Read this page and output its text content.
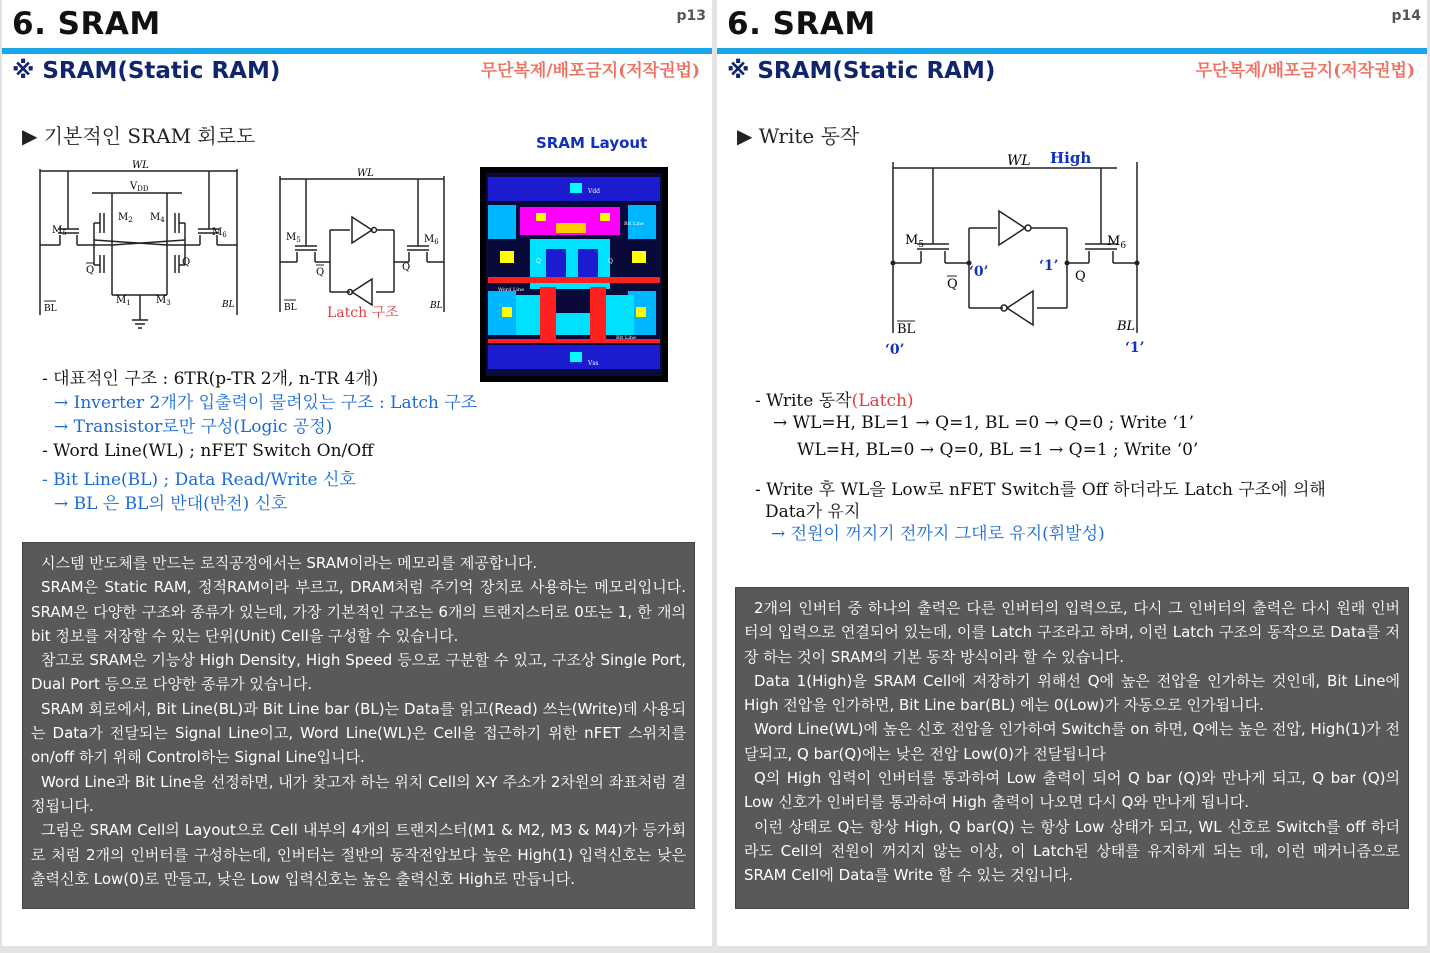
6. SRAM	p13
※ SRAM(Static RAM)	무단복제/배포금지(저작권법)
▶ 기본적인 SRAM 회로도
WL
$V_{DD}$
$M_2$ $M_4$
$M_1$	$M_3$
$M_5$	$M_6$
Q
Q
BL	BL
WL
$M_5$	$M_6$
Q	Q
BL	BL
Latch 구조
SRAM Layout
Vdd
Vss
Bit Line
Bit Line
Word Line
Q	Q
- 대표적인 구조 : 6TR(p-TR 2개, n-TR 4개)
→ Inverter 2개가 입출력이 물려있는 구조 : Latch 구조
→ Transistor로만 구성(Logic 공정)
- Word Line(WL) ; nFET Switch On/Off
- Bit Line(BL) ; Data Read/Write 신호
→ BL 은 BL의 반대(반전) 신호

시스템 반도체를 만드는 로직공정에서는 SRAM이라는 메모리를 제공합니다.

SRAM은 Static RAM, 정적RAM이라 부르고, DRAM처럼 주기억 장치로 사용하는 메모리입니다. SRAM은 다양한 구조와 종류가 있는데, 가장 기본적인 구조는 6개의 트랜지스터로 0또는 1, 한 개의 bit 정보를 저장할 수 있는 단위(Unit) Cell을 구성할 수 있습니다.

참고로 SRAM은 기능상 High Density, High Speed 등으로 구분할 수 있고, 구조상 Single Port, Dual Port 등으로 다양한 종류가 있습니다.

SRAM 회로에서, Bit Line(BL)과 Bit Line bar (BL)는 Data를 읽고(Read) 쓰는(Write)데 사용되는 Data가 전달되는 Signal Line이고, Word Line(WL)은 Cell을 접근하기 위한 nFET 스위치를 on/off 하기 위해 Control하는 Signal Line입니다.

Word Line과 Bit Line을 선정하면, 내가 찾고자 하는 위치 Cell의 X-Y 주소가 2차원의 좌표처럼 결정됩니다.

그림은 SRAM Cell의 Layout으로 Cell 내부의 4개의 트랜지스터(M1 & M2, M3 & M4)가 등가회로 처럼 2개의 인버터를 구성하는데, 인버터는 절반의 동작전압보다 높은 High(1) 입력신호는 낮은 출력신호 Low(0)로 만들고, 낮은 Low 입력신호는 높은 출력신호 High로 만듭니다.

6. SRAM	p14
※ SRAM(Static RAM)	무단복제/배포금지(저작권법)
▶ Write 동작
WL High
$M_5$	$M_6$
Q
Q
‘0’	‘1’
BL	BL
‘0’	‘1’
- Write 동작(Latch)
→ WL=H, BL=1 → Q=1, BL =0 → Q=0 ; Write ‘1’
WL=H, BL=0 → Q=0, BL =1 → Q=1 ; Write ‘0’
- Write 후 WL을 Low로 nFET Switch를 Off 하더라도 Latch 구조에 의해
Data가 유지
→ 전원이 꺼지기 전까지 그대로 유지(휘발성)

2개의 인버터 중 하나의 출력은 다른 인버터의 입력으로, 다시 그 인버터의 출력은 다시 원래 인버터의 입력으로 연결되어 있는데, 이를 Latch 구조라고 하며, 이런 Latch 구조의 동작으로 Data를 저장 하는 것이 SRAM의 기본 동작 방식이라 할 수 있습니다.

Data 1(High)을 SRAM Cell에 저장하기 위해선 Q에 높은 전압을 인가하는 것인데, Bit Line에 High 전압을 인가하면, Bit Line bar(BL) 에는 0(Low)가 자동으로 인가됩니다.

Word Line(WL)에 높은 신호 전압을 인가하여 Switch를 on 하면, Q에는 높은 전압, High(1)가 전달되고, Q bar(Q)에는 낮은 전압 Low(0)가 전달됩니다

Q의 High 입력이 인버터를 통과하여 Low 출력이 되어 Q bar (Q)와 만나게 되고, Q bar (Q)의 Low 신호가 인버터를 통과하여 High 출력이 나오면 다시 Q와 만나게 됩니다.

이런 상태로 Q는 항상 High, Q bar(Q) 는 항상 Low 상태가 되고, WL 신호로 Switch를 off 하더라도 Cell의 전원이 꺼지지 않는 이상, 이 Latch된 상태를 유지하게 되는 데, 이런 메커니즘으로 SRAM Cell에 Data를 Write 할 수 있는 것입니다.
